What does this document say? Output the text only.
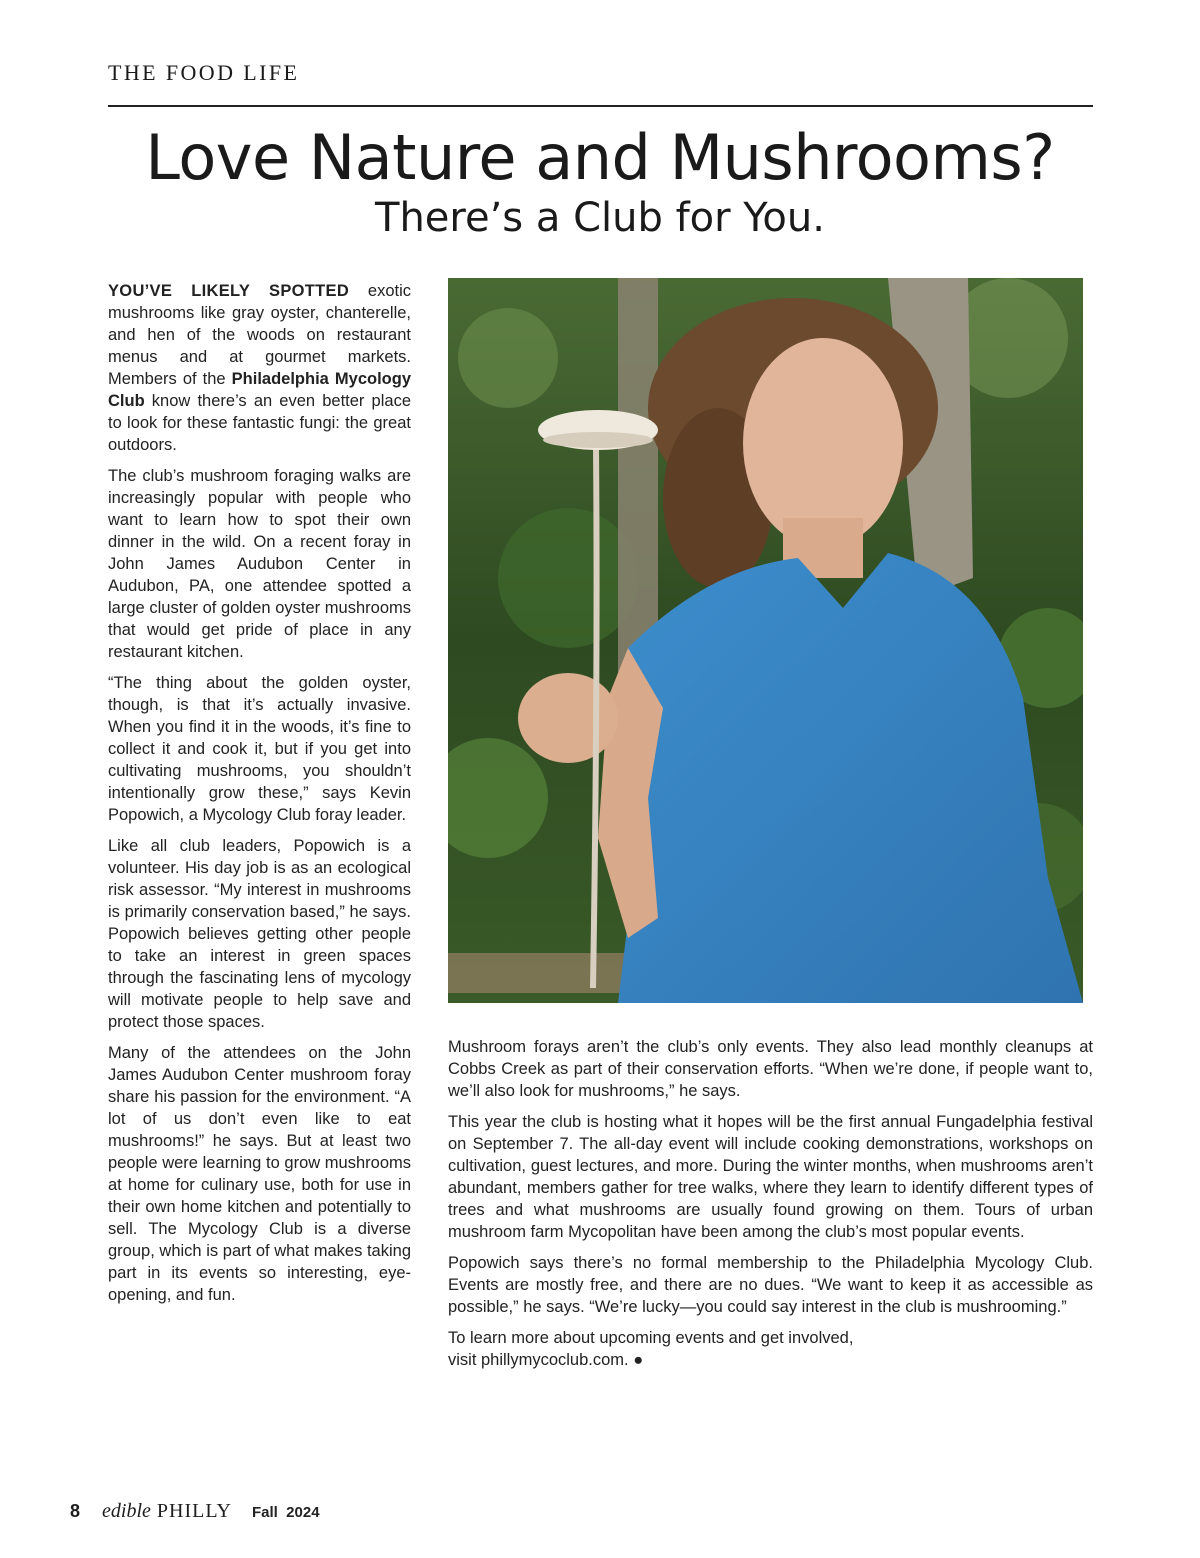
THE FOOD LIFE
Love Nature and Mushrooms?
There’s a Club for You.

YOU’VE LIKELY SPOTTED exotic mushrooms like gray oyster, chanterelle, and hen of the woods on restaurant menus and at gourmet markets. Members of the Philadelphia Mycology Club know there’s an even better place to look for these fantastic fungi: the great outdoors.

The club’s mushroom foraging walks are increasingly popular with people who want to learn how to spot their own dinner in the wild. On a recent foray in John James Audubon Center in Audubon, PA, one attendee spotted a large cluster of golden oyster mushrooms that would get pride of place in any restaurant kitchen.

“The thing about the golden oyster, though, is that it’s actually invasive. When you find it in the woods, it’s fine to collect it and cook it, but if you get into cultivating mushrooms, you shouldn’t intentionally grow these,” says Kevin Popowich, a Mycology Club foray leader.

Like all club leaders, Popowich is a volunteer. His day job is as an ecological risk assessor. “My interest in mushrooms is primarily conservation based,” he says. Popowich believes getting other people to take an interest in green spaces through the fascinating lens of mycology will motivate people to help save and protect those spaces.

Many of the attendees on the John James Audubon Center mushroom foray share his passion for the environment. “A lot of us don’t even like to eat mushrooms!” he says. But at least two people were learning to grow mushrooms at home for culinary use, both for use in their own home kitchen and potentially to sell. The Mycology Club is a diverse group, which is part of what makes taking part in its events so interesting, eye-opening, and fun.

Mushroom forays aren’t the club’s only events. They also lead monthly cleanups at Cobbs Creek as part of their conservation efforts. “When we’re done, if people want to, we’ll also look for mushrooms,” he says.

This year the club is hosting what it hopes will be the first annual Fungadelphia festival on September 7. The all-day event will include cooking demonstrations, workshops on cultivation, guest lectures, and more. During the winter months, when mushrooms aren’t abundant, members gather for tree walks, where they learn to identify different types of trees and what mushrooms are usually found growing on them. Tours of urban mushroom farm Mycopolitan have been among the club’s most popular events.

Popowich says there’s no formal membership to the Philadelphia Mycology Club. Events are mostly free, and there are no dues. “We want to keep it as accessible as possible,” he says. “We’re lucky—you could say interest in the club is mushrooming.”

To learn more about upcoming events and get involved,
visit phillymycoclub.com. ●

8 edible PHILLY Fall  2024
